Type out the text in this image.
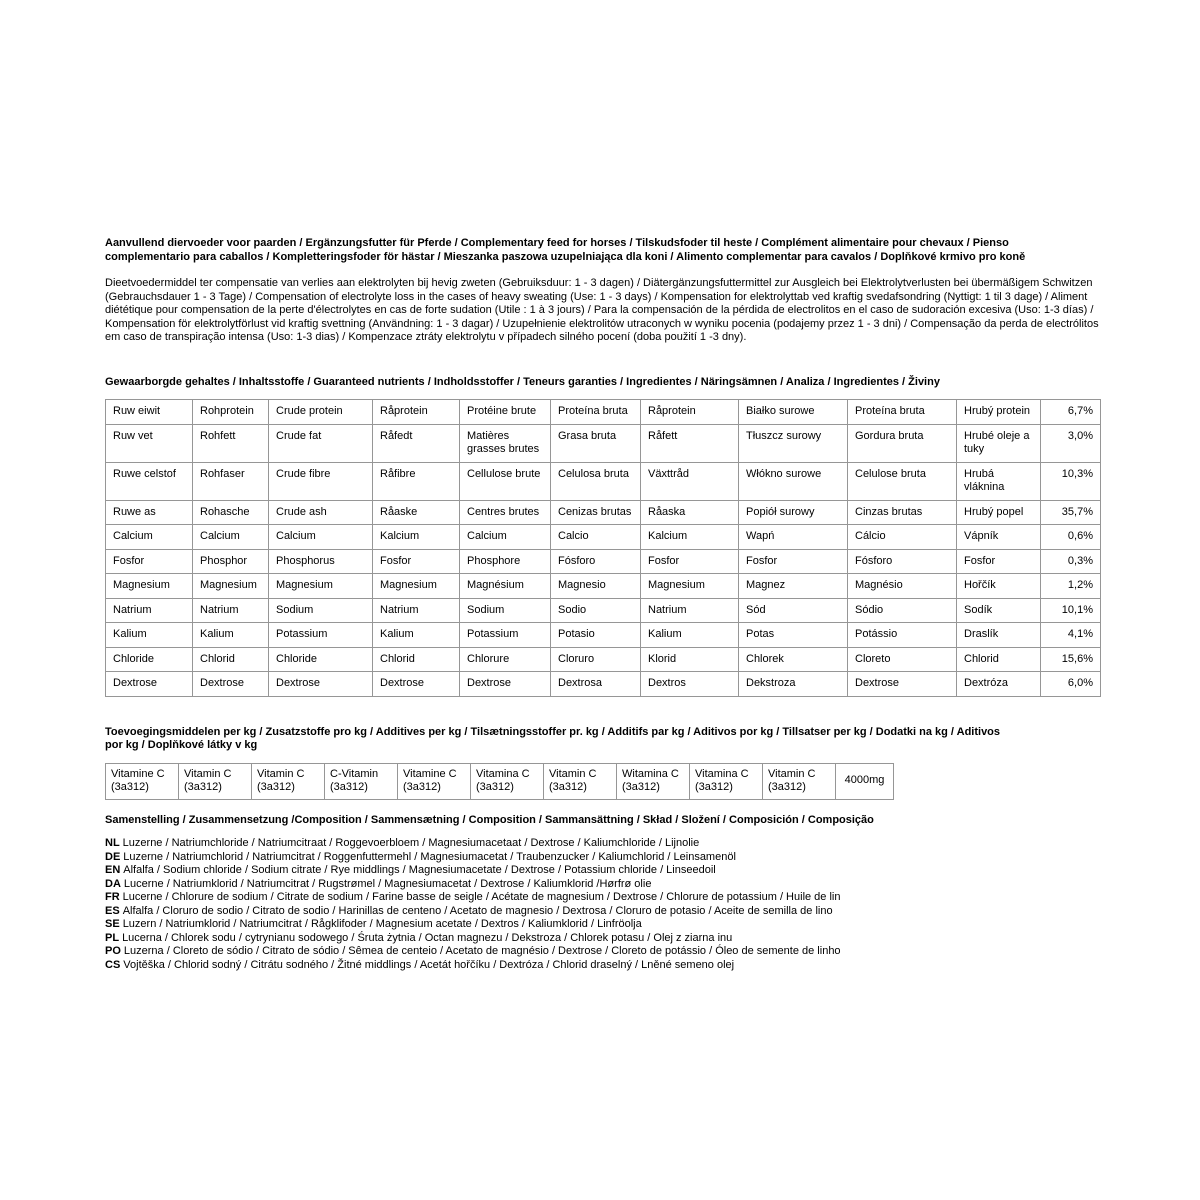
Aanvullend diervoeder voor paarden / Ergänzungsfutter für Pferde / Complementary feed for horses / Tilskudsfoder til heste / Complément alimentaire pour chevaux / Pienso complementario para caballos / Kompletteringsfoder för hästar / Mieszanka paszowa uzupelniająca dla koni / Alimento complementar para cavalos / Doplňkové krmivo pro koně

Dieetvoedermiddel ter compensatie van verlies aan elektrolyten bij hevig zweten (Gebruiksduur: 1 - 3 dagen) / Diätergänzungsfuttermittel zur Ausgleich bei Elektrolytverlusten bei übermäßigem Schwitzen (Gebrauchsdauer 1 - 3 Tage) / Compensation of electrolyte loss in the cases of heavy sweating (Use: 1 - 3 days) / Kompensation for elektrolyttab ved kraftig svedafsondring (Nyttigt: 1 til 3 dage) / Aliment diététique pour compensation de la perte d'électrolytes en cas de forte sudation (Utile : 1 à 3 jours) / Para la compensación de la pérdida de electrolitos en el caso de sudoración excesiva (Uso: 1-3 días) / Kompensation för elektrolytförlust vid kraftig svettning (Användning: 1 - 3 dagar) / Uzupełnienie elektrolitów utraconych w wyniku pocenia (podajemy przez 1 - 3 dni) / Compensação da perda de electrólitos em caso de transpiração intensa (Uso: 1-3 dias) / Kompenzace ztráty elektrolytu v případech silného pocení (doba použití 1 -3 dny).

Gewaarborgde gehaltes / Inhaltsstoffe / Guaranteed nutrients / Indholdsstoffer / Teneurs garanties / Ingredientes / Näringsämnen / Analiza / Ingredientes / Živiny

Ruw eiwit	Rohprotein	Crude protein	Råprotein	Protéine brute	Proteína bruta	Råprotein	Białko surowe	Proteína bruta	Hrubý protein	6,7%
Ruw vet	Rohfett	Crude fat	Råfedt	Matières grasses brutes	Grasa bruta	Råfett	Tłuszcz surowy	Gordura bruta	Hrubé oleje a tuky	3,0%
Ruwe celstof	Rohfaser	Crude fibre	Råfibre	Cellulose brute	Celulosa bruta	Växttråd	Włókno surowe	Celulose bruta	Hrubá vláknina	10,3%
Ruwe as	Rohasche	Crude ash	Råaske	Centres brutes	Cenizas brutas	Råaska	Popiół surowy	Cinzas brutas	Hrubý popel	35,7%
Calcium	Calcium	Calcium	Kalcium	Calcium	Calcio	Kalcium	Wapń	Cálcio	Vápník	0,6%
Fosfor	Phosphor	Phosphorus	Fosfor	Phosphore	Fósforo	Fosfor	Fosfor	Fósforo	Fosfor	0,3%
Magnesium	Magnesium	Magnesium	Magnesium	Magnésium	Magnesio	Magnesium	Magnez	Magnésio	Hořčík	1,2%
Natrium	Natrium	Sodium	Natrium	Sodium	Sodio	Natrium	Sód	Sódio	Sodík	10,1%
Kalium	Kalium	Potassium	Kalium	Potassium	Potasio	Kalium	Potas	Potássio	Draslík	4,1%
Chloride	Chlorid	Chloride	Chlorid	Chlorure	Cloruro	Klorid	Chlorek	Cloreto	Chlorid	15,6%
Dextrose	Dextrose	Dextrose	Dextrose	Dextrose	Dextrosa	Dextros	Dekstroza	Dextrose	Dextróza	6,0%

Toevoegingsmiddelen per kg / Zusatzstoffe pro kg / Additives per kg / Tilsætningsstoffer pr. kg / Additifs par kg / Aditivos por kg / Tillsatser per kg / Dodatki na kg / Aditivos por kg / Doplňkové látky v kg

Vitamine C (3a312)	Vitamin C (3a312)	Vitamin C (3a312)	C-Vitamin (3a312)	Vitamine C (3a312)	Vitamina C (3a312)	Vitamin C (3a312)	Witamina C (3a312)	Vitamina C (3a312)	Vitamin C (3a312)	4000mg

Samenstelling / Zusammensetzung /Composition / Sammensætning / Composition / Sammansättning / Skład / Složení / Composición / Composição

NL Luzerne / Natriumchloride / Natriumcitraat / Roggevoerbloem / Magnesiumacetaat / Dextrose / Kaliumchloride / Lijnolie
DE Luzerne / Natriumchlorid / Natriumcitrat / Roggenfuttermehl / Magnesiumacetat / Traubenzucker / Kaliumchlorid / Leinsamenöl
EN Alfalfa / Sodium chloride / Sodium citrate / Rye middlings / Magnesiumacetate / Dextrose / Potassium chloride / Linseedoil
DA Lucerne / Natriumklorid / Natriumcitrat / Rugstrømel / Magnesiumacetat / Dextrose / Kaliumklorid /Hørfrø olie
FR Lucerne / Chlorure de sodium / Citrate de sodium / Farine basse de seigle / Acétate de magnesium / Dextrose / Chlorure de potassium / Huile de lin
ES Alfalfa / Cloruro de sodio / Citrato de sodio / Harinillas de centeno / Acetato de magnesio / Dextrosa / Cloruro de potasio / Aceite de semilla de lino
SE Luzern / Natriumklorid / Natriumcitrat / Rågklifoder / Magnesium acetate / Dextros / Kaliumklorid / Linfröolja
PL Lucerna / Chlorek sodu / cytrynianu sodowego / Śruta żytnia / Octan magnezu / Dekstroza / Chlorek potasu / Olej z ziarna inu
PO Luzerna / Cloreto de sódio / Citrato de sódio / Sêmea de centeio / Acetato de magnésio / Dextrose / Cloreto de potássio / Óleo de semente de linho
CS Vojtěška / Chlorid sodný / Citrátu sodného / Žitné middlings / Acetát hořčíku / Dextróza / Chlorid draselný / Lněné semeno olej
